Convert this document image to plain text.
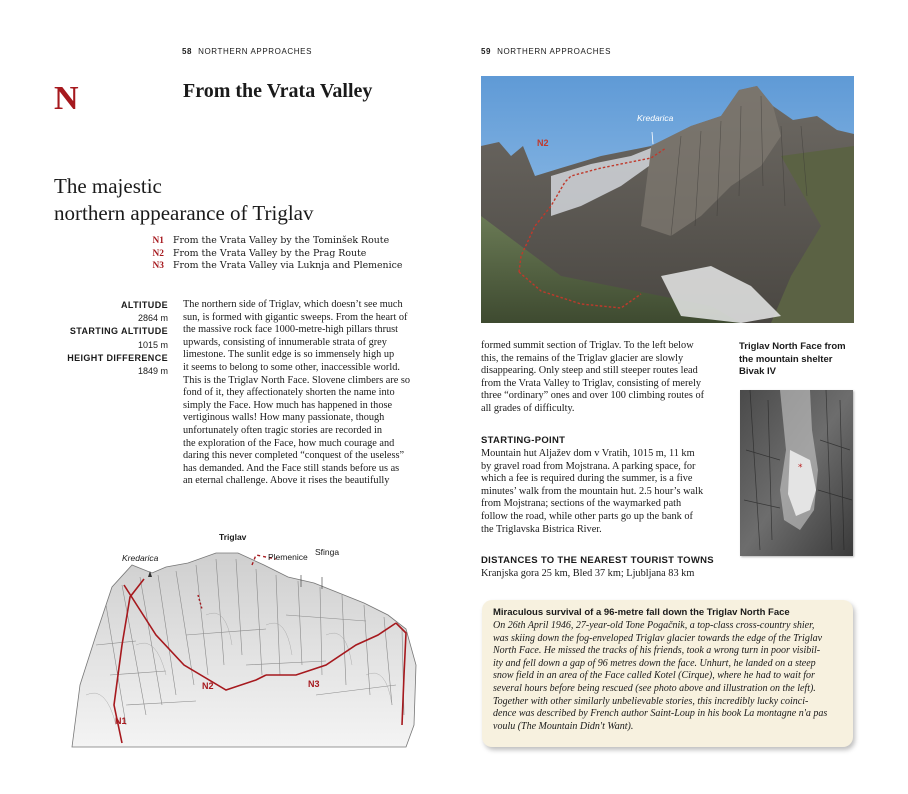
58 NORTHERN APPROACHES
N	From the Vrata Valley
The majestic
northern appearance of Triglav
N1 From the Vrata Valley by the Tominšek Route
N2 From the Vrata Valley by the Prag Route
N3 From the Vrata Valley via Luknja and Plemenice
ALTITUDE
2864 m
STARTING ALTITUDE
1015 m
HEIGHT DIFFERENCE
1849 m
The northern side of Triglav, which doesn’t see much
sun, is formed with gigantic sweeps. From the heart of
the massive rock face 1000-metre-high pillars thrust
upwards, consisting of innumerable strata of grey
limestone. The sunlit edge is so immensely high up
it seems to belong to some other, inaccessible world.
This is the Triglav North Face. Slovene climbers are so
fond of it, they affectionately shorten the name into
simply the Face. How much has happened in those
vertiginous walls! How many passionate, though
unfortunately often tragic stories are recorded in
the exploration of the Face, how much courage and
daring this never completed “conquest of the useless”
has demanded. And the Face still stands before us as
an eternal challenge. Above it rises the beautifully
Triglav
Kredarica	Plemenice Sfinga
N2	N3
N1
59 NORTHERN APPROACHES
Kredarica
N2
formed summit section of Triglav. To the left below
this, the remains of the Triglav glacier are slowly
disappearing. Only steep and still steeper routes lead
from the Vrata Valley to Triglav, consisting of merely
three “ordinary” ones and over 100 climbing routes of
all grades of difficulty.
STARTING-POINT
Mountain hut Aljažev dom v Vratih, 1015 m, 11 km
by gravel road from Mojstrana. A parking space, for
which a fee is required during the summer, is a five
minutes’ walk from the mountain hut. 2.5 hour’s walk
from Mojstrana; sections of the waymarked path
follow the road, while other parts go up the bank of
the Triglavska Bistrica River.
DISTANCES TO THE NEAREST TOURIST TOWNS
Kranjska gora 25 km, Bled 37 km; Ljubljana 83 km
Triglav North Face from
the mountain shelter
Bivak IV
*
Miraculous survival of a 96-metre fall down the Triglav North Face
On 26th April 1946, 27-year-old Tone Pogačnik, a top-class cross-country shier,
was skiing down the fog-enveloped Triglav glacier towards the edge of the Triglav
North Face. He missed the tracks of his friends, took a wrong turn in poor visibil-
ity and fell down a gap of 96 metres down the face. Unhurt, he landed on a steep
snow field in an area of the Face called Kotel (Cirque), where he had to wait for
several hours before being rescued (see photo above and illustration on the left).
Together with other similarly unbelievable stories, this incredibly lucky coinci-
dence was described by French author Saint-Loup in his book La montagne n'a pas
voulu (The Mountain Didn't Want).
